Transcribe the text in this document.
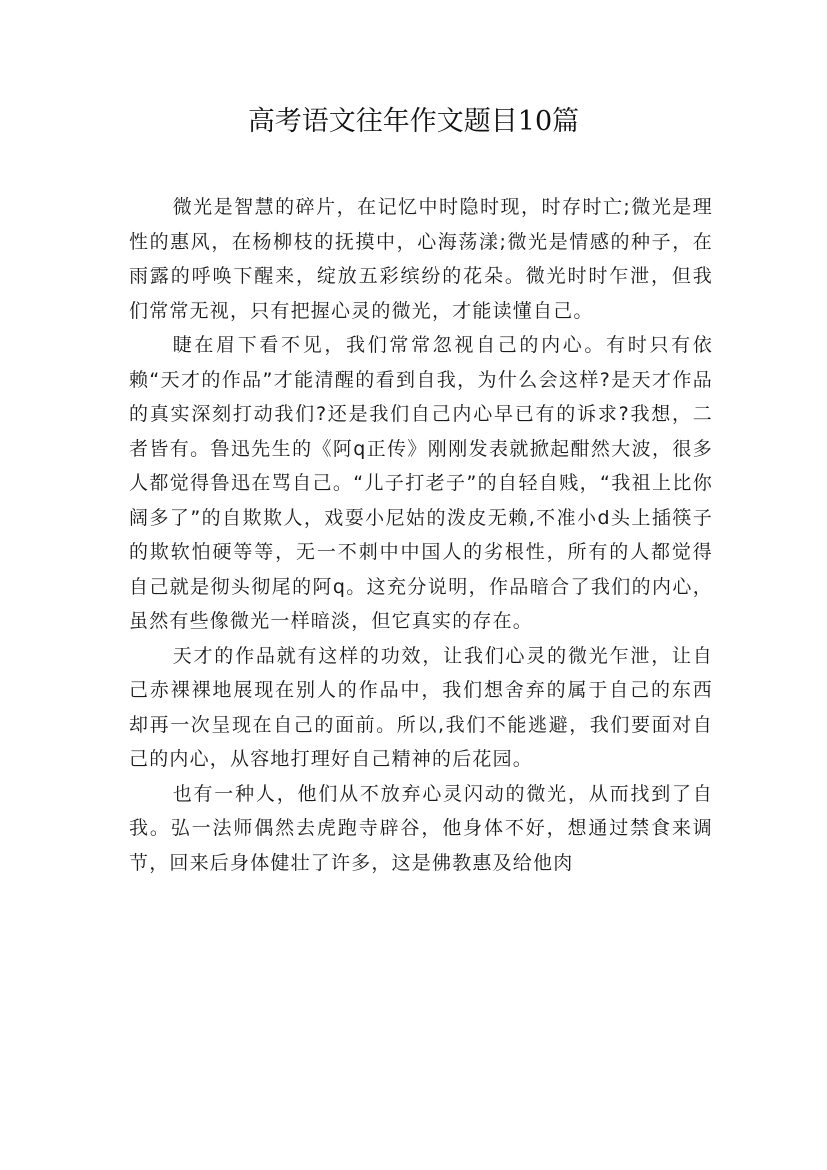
高考语文往年作文题目10篇

微光是智慧的碎片，在记忆中时隐时现，时存时亡;微光是理性的惠风，在杨柳枝的抚摸中，心海荡漾;微光是情感的种子，在雨露的呼唤下醒来，绽放五彩缤纷的花朵。微光时时乍泄，但我们常常无视，只有把握心灵的微光，才能读懂自己。

睫在眉下看不见，我们常常忽视自己的内心。有时只有依赖“天才的作品”才能清醒的看到自我，为什么会这样?是天才作品的真实深刻打动我们?还是我们自己内心早已有的诉求?我想，二者皆有。鲁迅先生的《阿q正传》刚刚发表就掀起酣然大波，很多人都觉得鲁迅在骂自己。“儿子打老子”的自轻自贱，“我祖上比你阔多了”的自欺欺人，戏耍小尼姑的泼皮无赖,不准小d头上插筷子的欺软怕硬等等，无一不刺中中国人的劣根性，所有的人都觉得自己就是彻头彻尾的阿q。这充分说明，作品暗合了我们的内心，虽然有些像微光一样暗淡，但它真实的存在。

天才的作品就有这样的功效，让我们心灵的微光乍泄，让自己赤裸裸地展现在别人的作品中，我们想舍弃的属于自己的东西却再一次呈现在自己的面前。所以,我们不能逃避，我们要面对自己的内心，从容地打理好自己精神的后花园。

也有一种人，他们从不放弃心灵闪动的微光，从而找到了自我。弘一法师偶然去虎跑寺辟谷，他身体不好，想通过禁食来调节，回来后身体健壮了许多，这是佛教惠及给他肉
